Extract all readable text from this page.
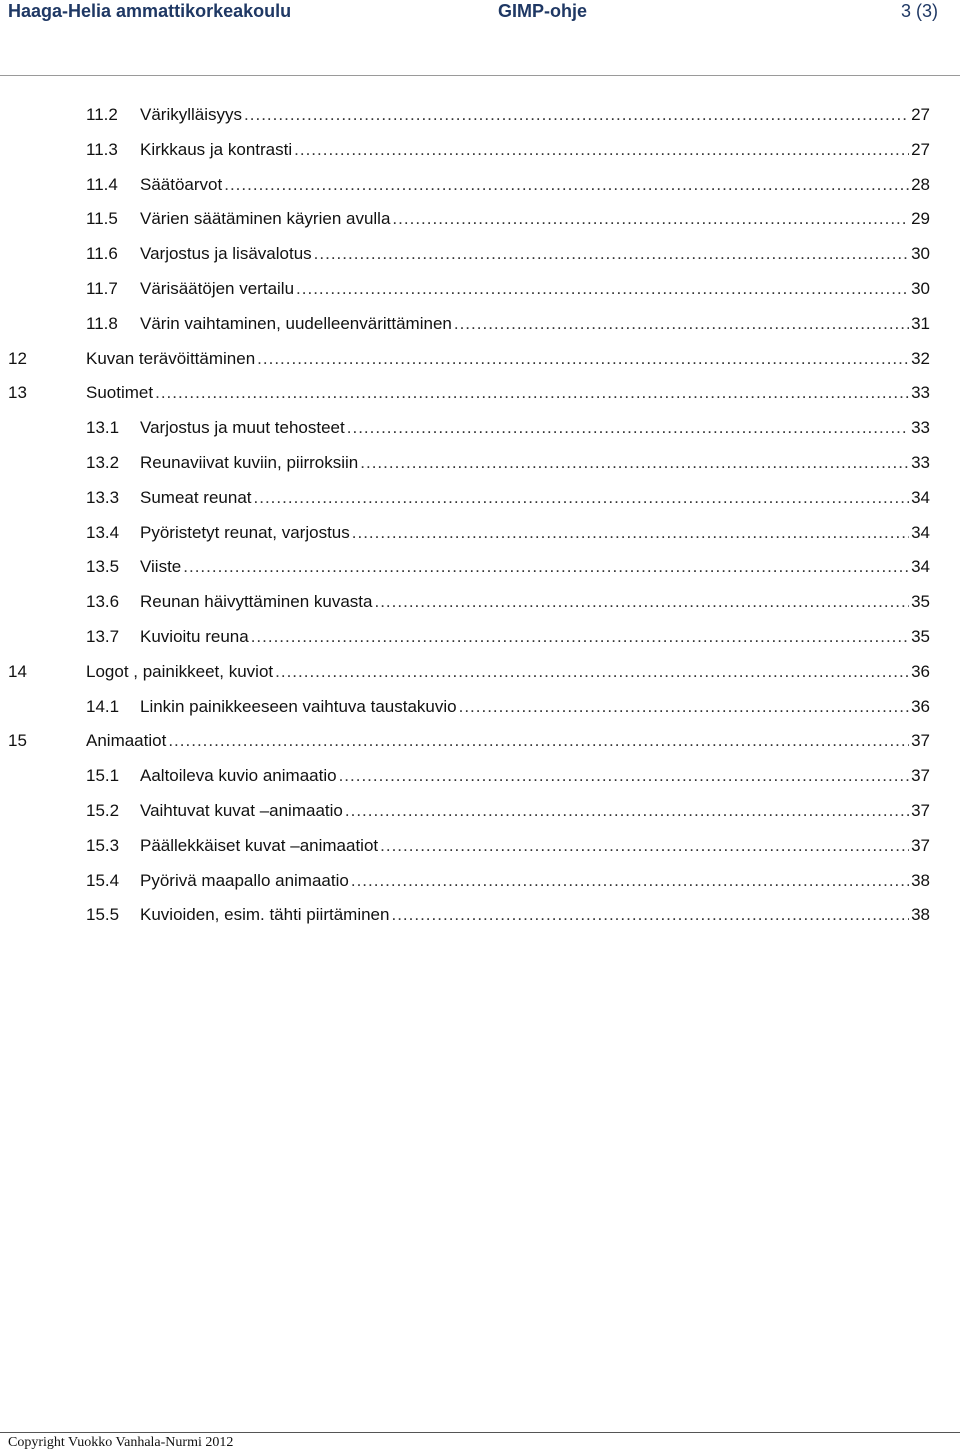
Haaga-Helia ammattikorkeakoulu	GIMP-ohje	3 (3)
11.2 Värikylläisyys .....	27
11.3 Kirkkaus ja kontrasti .....	27
11.4 Säätöarvot .....	28
11.5 Värien säätäminen käyrien avulla .....	29
11.6 Varjostus ja lisävalotus .....	30
11.7 Värisäätöjen vertailu .....	30
11.8 Värin vaihtaminen, uudelleenvärittäminen .....	31
12	Kuvan terävöittäminen .....	32
13	Suotimet .....	33
13.1 Varjostus ja muut tehosteet .....	33
13.2 Reunaviivat kuviin, piirroksiin .....	33
13.3 Sumeat reunat .....	34
13.4 Pyöristetyt reunat, varjostus .....	34
13.5 Viiste .....	34
13.6 Reunan häivyttäminen kuvasta .....	35
13.7 Kuvioitu reuna .....	35
14	Logot , painikkeet, kuviot .....	36
14.1 Linkin painikkeeseen vaihtuva taustakuvio .....	36
15	Animaatiot .....	37
15.1 Aaltoileva kuvio animaatio .....	37
15.2 Vaihtuvat kuvat –animaatio .....	37
15.3 Päällekkäiset kuvat –animaatiot .....	37
15.4 Pyörivä maapallo animaatio .....	38
15.5 Kuvioiden, esim. tähti piirtäminen .....	38
Copyright Vuokko Vanhala-Nurmi 2012
